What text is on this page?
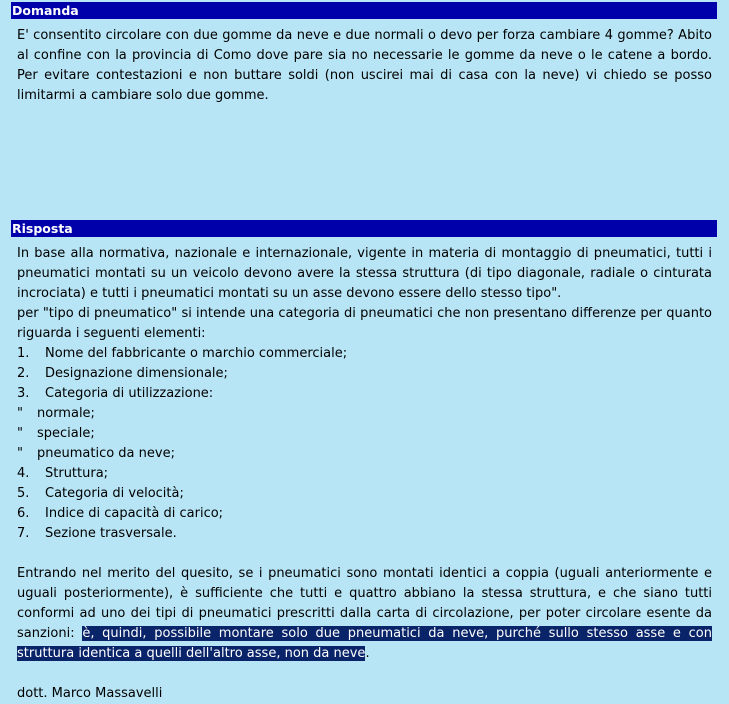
Domanda

E' consentito circolare con due gomme da neve e due normali o devo per forza cambiare 4 gomme? Abito al confine con la provincia di Como dove pare sia no necessarie le gomme da neve o le catene a bordo. Per evitare contestazioni e non buttare soldi (non uscirei mai di casa con la neve) vi chiedo se posso limitarmi a cambiare solo due gomme.

Risposta

In base alla normativa, nazionale e internazionale, vigente in materia di montaggio di pneumatici, tutti i pneumatici montati su un veicolo devono avere la stessa struttura (di tipo diagonale, radiale o cinturata incrociata) e tutti i pneumatici montati su un asse devono essere dello stesso tipo".

per "tipo di pneumatico" si intende una categoria di pneumatici che non presentano differenze per quanto riguarda i seguenti elementi:

1. Nome del fabbricante o marchio commerciale;
2. Designazione dimensionale;
3. Categoria di utilizzazione:
" normale;
" speciale;
" pneumatico da neve;
4. Struttura;
5. Categoria di velocità;
6. Indice di capacità di carico;
7. Sezione trasversale.

Entrando nel merito del quesito, se i pneumatici sono montati identici a coppia (uguali anteriormente e uguali posteriormente), è sufficiente che tutti e quattro abbiano la stessa struttura, e che siano tutti conformi ad uno dei tipi di pneumatici prescritti dalla carta di circolazione, per poter circolare esente da sanzioni: è, quindi, possibile montare solo due pneumatici da neve, purché sullo stesso asse e con struttura identica a quelli dell'altro asse, non da neve.

dott. Marco Massavelli
